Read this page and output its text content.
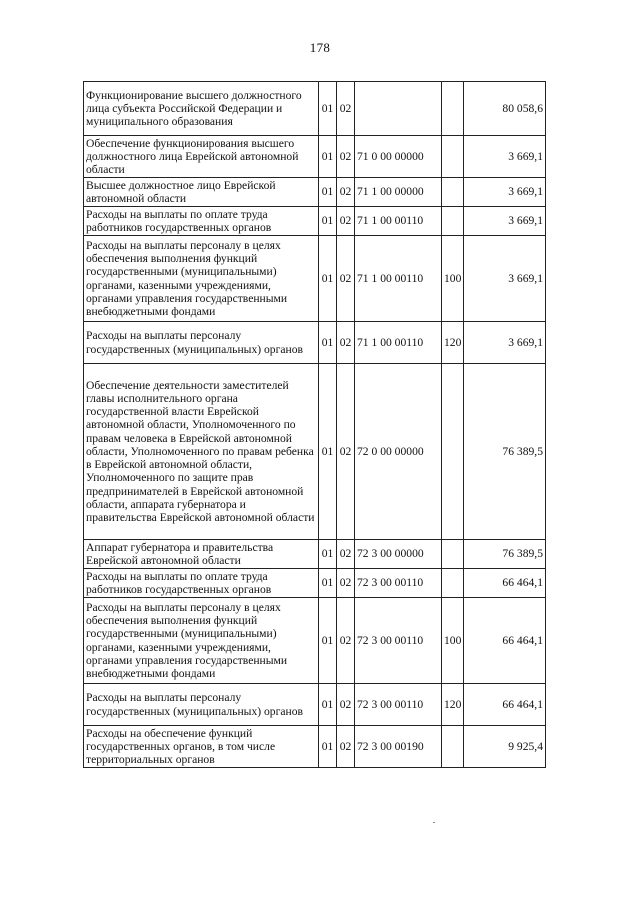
178
Функционирование высшего должностного лица субъекта Российской Федерации и муниципального образования	01	02			80 058,6
Обеспечение функционирования высшего должностного лица Еврейской автономной области	01	02	71 0 00 00000		3 669,1
Высшее должностное лицо Еврейской автономной области	01	02	71 1 00 00000		3 669,1
Расходы на выплаты по оплате труда работников государственных органов	01	02	71 1 00 00110		3 669,1
Расходы на выплаты персоналу в целях обеспечения выполнения функций государственными (муниципальными) органами, казенными учреждениями, органами управления государственными внебюджетными фондами	01	02	71 1 00 00110	100	3 669,1
Расходы на выплаты персоналу государственных (муниципальных) органов	01	02	71 1 00 00110	120	3 669,1
Обеспечение деятельности заместителей главы исполнительного органа государственной власти Еврейской автономной области, Уполномоченного по правам человека в Еврейской автономной области, Уполномоченного по правам ребенка в Еврейской автономной области, Уполномоченного по защите прав предпринимателей в Еврейской автономной области, аппарата губернатора и правительства Еврейской автономной области	01	02	72 0 00 00000		76 389,5
Аппарат губернатора и правительства Еврейской автономной области	01	02	72 3 00 00000		76 389,5
Расходы на выплаты по оплате труда работников государственных органов	01	02	72 3 00 00110		66 464,1
Расходы на выплаты персоналу в целях обеспечения выполнения функций государственными (муниципальными) органами, казенными учреждениями, органами управления государственными внебюджетными фондами	01	02	72 3 00 00110	100	66 464,1
Расходы на выплаты персоналу государственных (муниципальных) органов	01	02	72 3 00 00110	120	66 464,1
Расходы на обеспечение функций государственных органов, в том числе территориальных органов	01	02	72 3 00 00190		9 925,4
